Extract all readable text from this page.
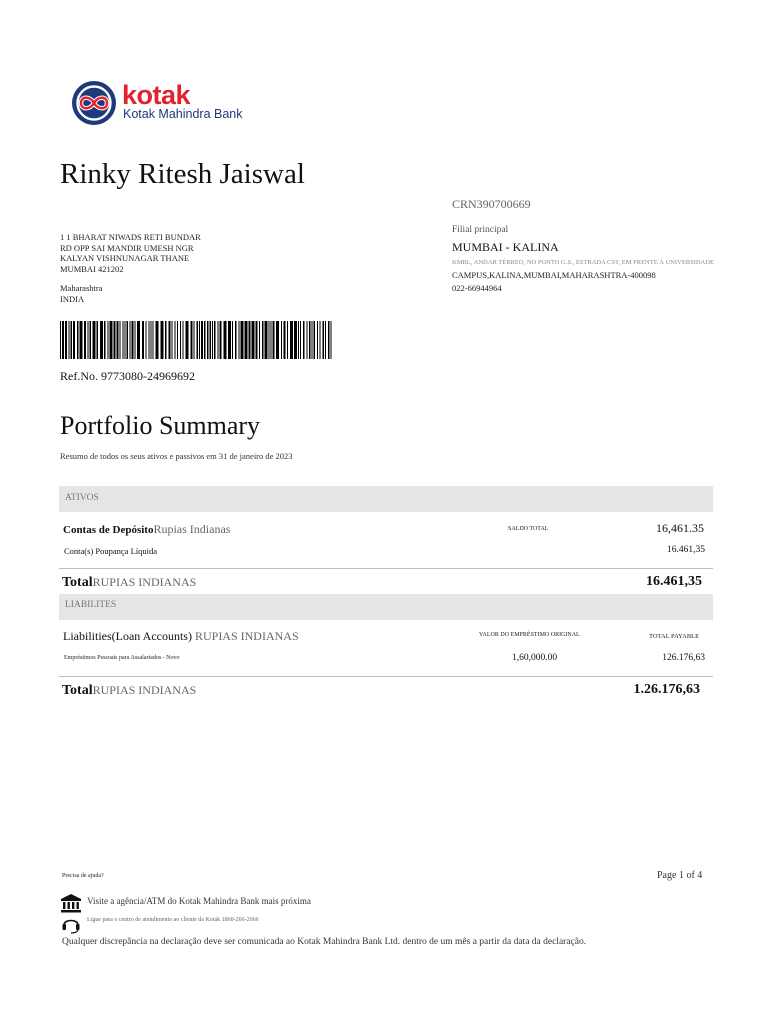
kotak
Kotak Mahindra Bank
Rinky Ritesh Jaiswal
CRN390700669
1 1 BHARAT NIWADS RETI BUNDAR
RD OPP SAI MANDIR UMESH NGR
KALYAN VISHNUNAGAR THANE
MUMBAI 421202
Maharashtra
INDIA
Filial principal
MUMBAI - KALINA
KMBL, ANDAR TÉRREO, NO PONTO G.S., ESTRADA CST, EM FRENTE À UNIVERSIDADE
CAMPUS,KALINA,MUMBAI,MAHARASHTRA-400098
022-66944964
Ref.No. 9773080-24969692
Portfolio Summary
Resumo de todos os seus ativos e passivos em 31 de janeiro de 2023
ATIVOS
Contas de DepósitoRupias Indianas	SALDO TOTAL	16,461.35
Conta(s) Poupança Líquida	16.461,35
TotalRUPIAS INDIANAS	16.461,35
LIABILITES
Liabilities(Loan Accounts) RUPIAS INDIANAS	VALOR DO EMPRÉSTIMO ORIGINAL	TOTAL PAYABLE
Empréstimos Pessoais para Assalariados - Novo	1,60,000.00	126.176,63
TotalRUPIAS INDIANAS	1.26.176,63
Precisa de ajuda?	Page 1 of 4
Visite a agência/ATM do Kotak Mahindra Bank mais próxima
Ligue para o centro de atendimento ao cliente da Kotak 1860-266-2666
Qualquer discrepância na declaração deve ser comunicada ao Kotak Mahindra Bank Ltd. dentro de um mês a partir da data da declaração.
